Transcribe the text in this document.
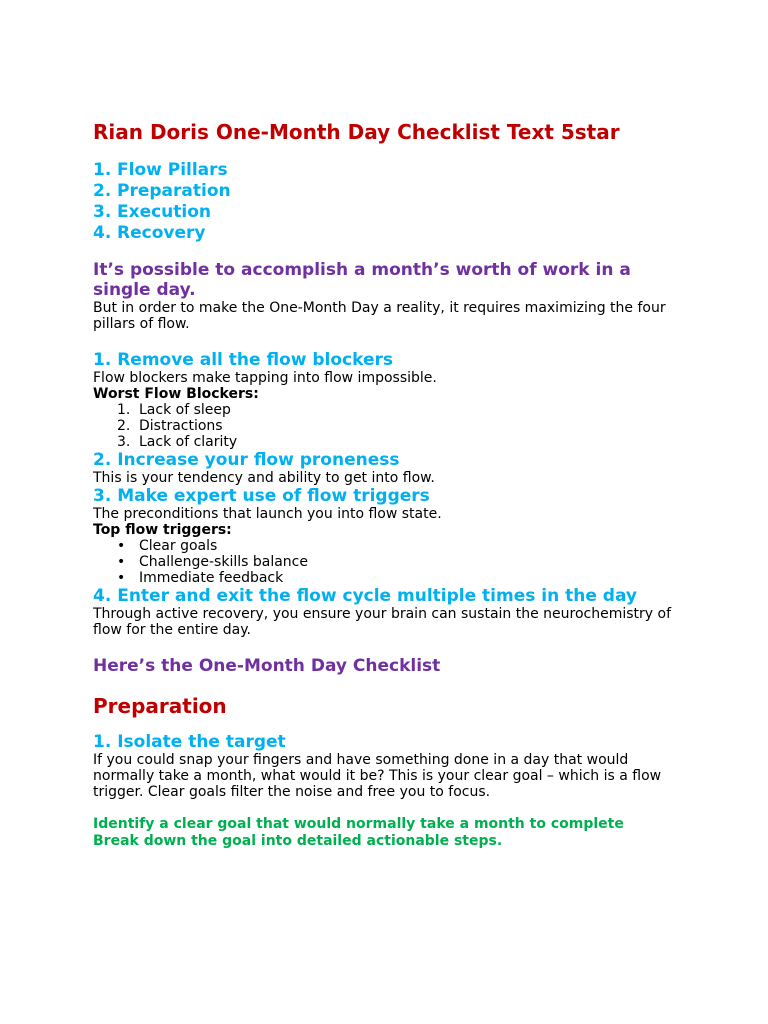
Rian Doris One-Month Day Checklist Text 5star
1. Flow Pillars
2. Preparation
3. Execution
4. Recovery
It’s possible to accomplish a month’s worth of work in a single day.

But in order to make the One-Month Day a reality, it requires maximizing the four pillars of flow.

1. Remove all the flow blockers

Flow blockers make tapping into flow impossible.

Worst Flow Blockers:

1. Lack of sleep
2. Distractions
3. Lack of clarity
2. Increase your flow proneness

This is your tendency and ability to get into flow.

3. Make expert use of flow triggers

The preconditions that launch you into flow state.

Top flow triggers:

• Clear goals
• Challenge-skills balance
• Immediate feedback
4. Enter and exit the flow cycle multiple times in the day

Through active recovery, you ensure your brain can sustain the neurochemistry of flow for the entire day.

Here’s the One-Month Day Checklist
Preparation
1. Isolate the target

If you could snap your fingers and have something done in a day that would normally take a month, what would it be? This is your clear goal – which is a flow trigger. Clear goals filter the noise and free you to focus.

Identify a clear goal that would normally take a month to complete

Break down the goal into detailed actionable steps.
